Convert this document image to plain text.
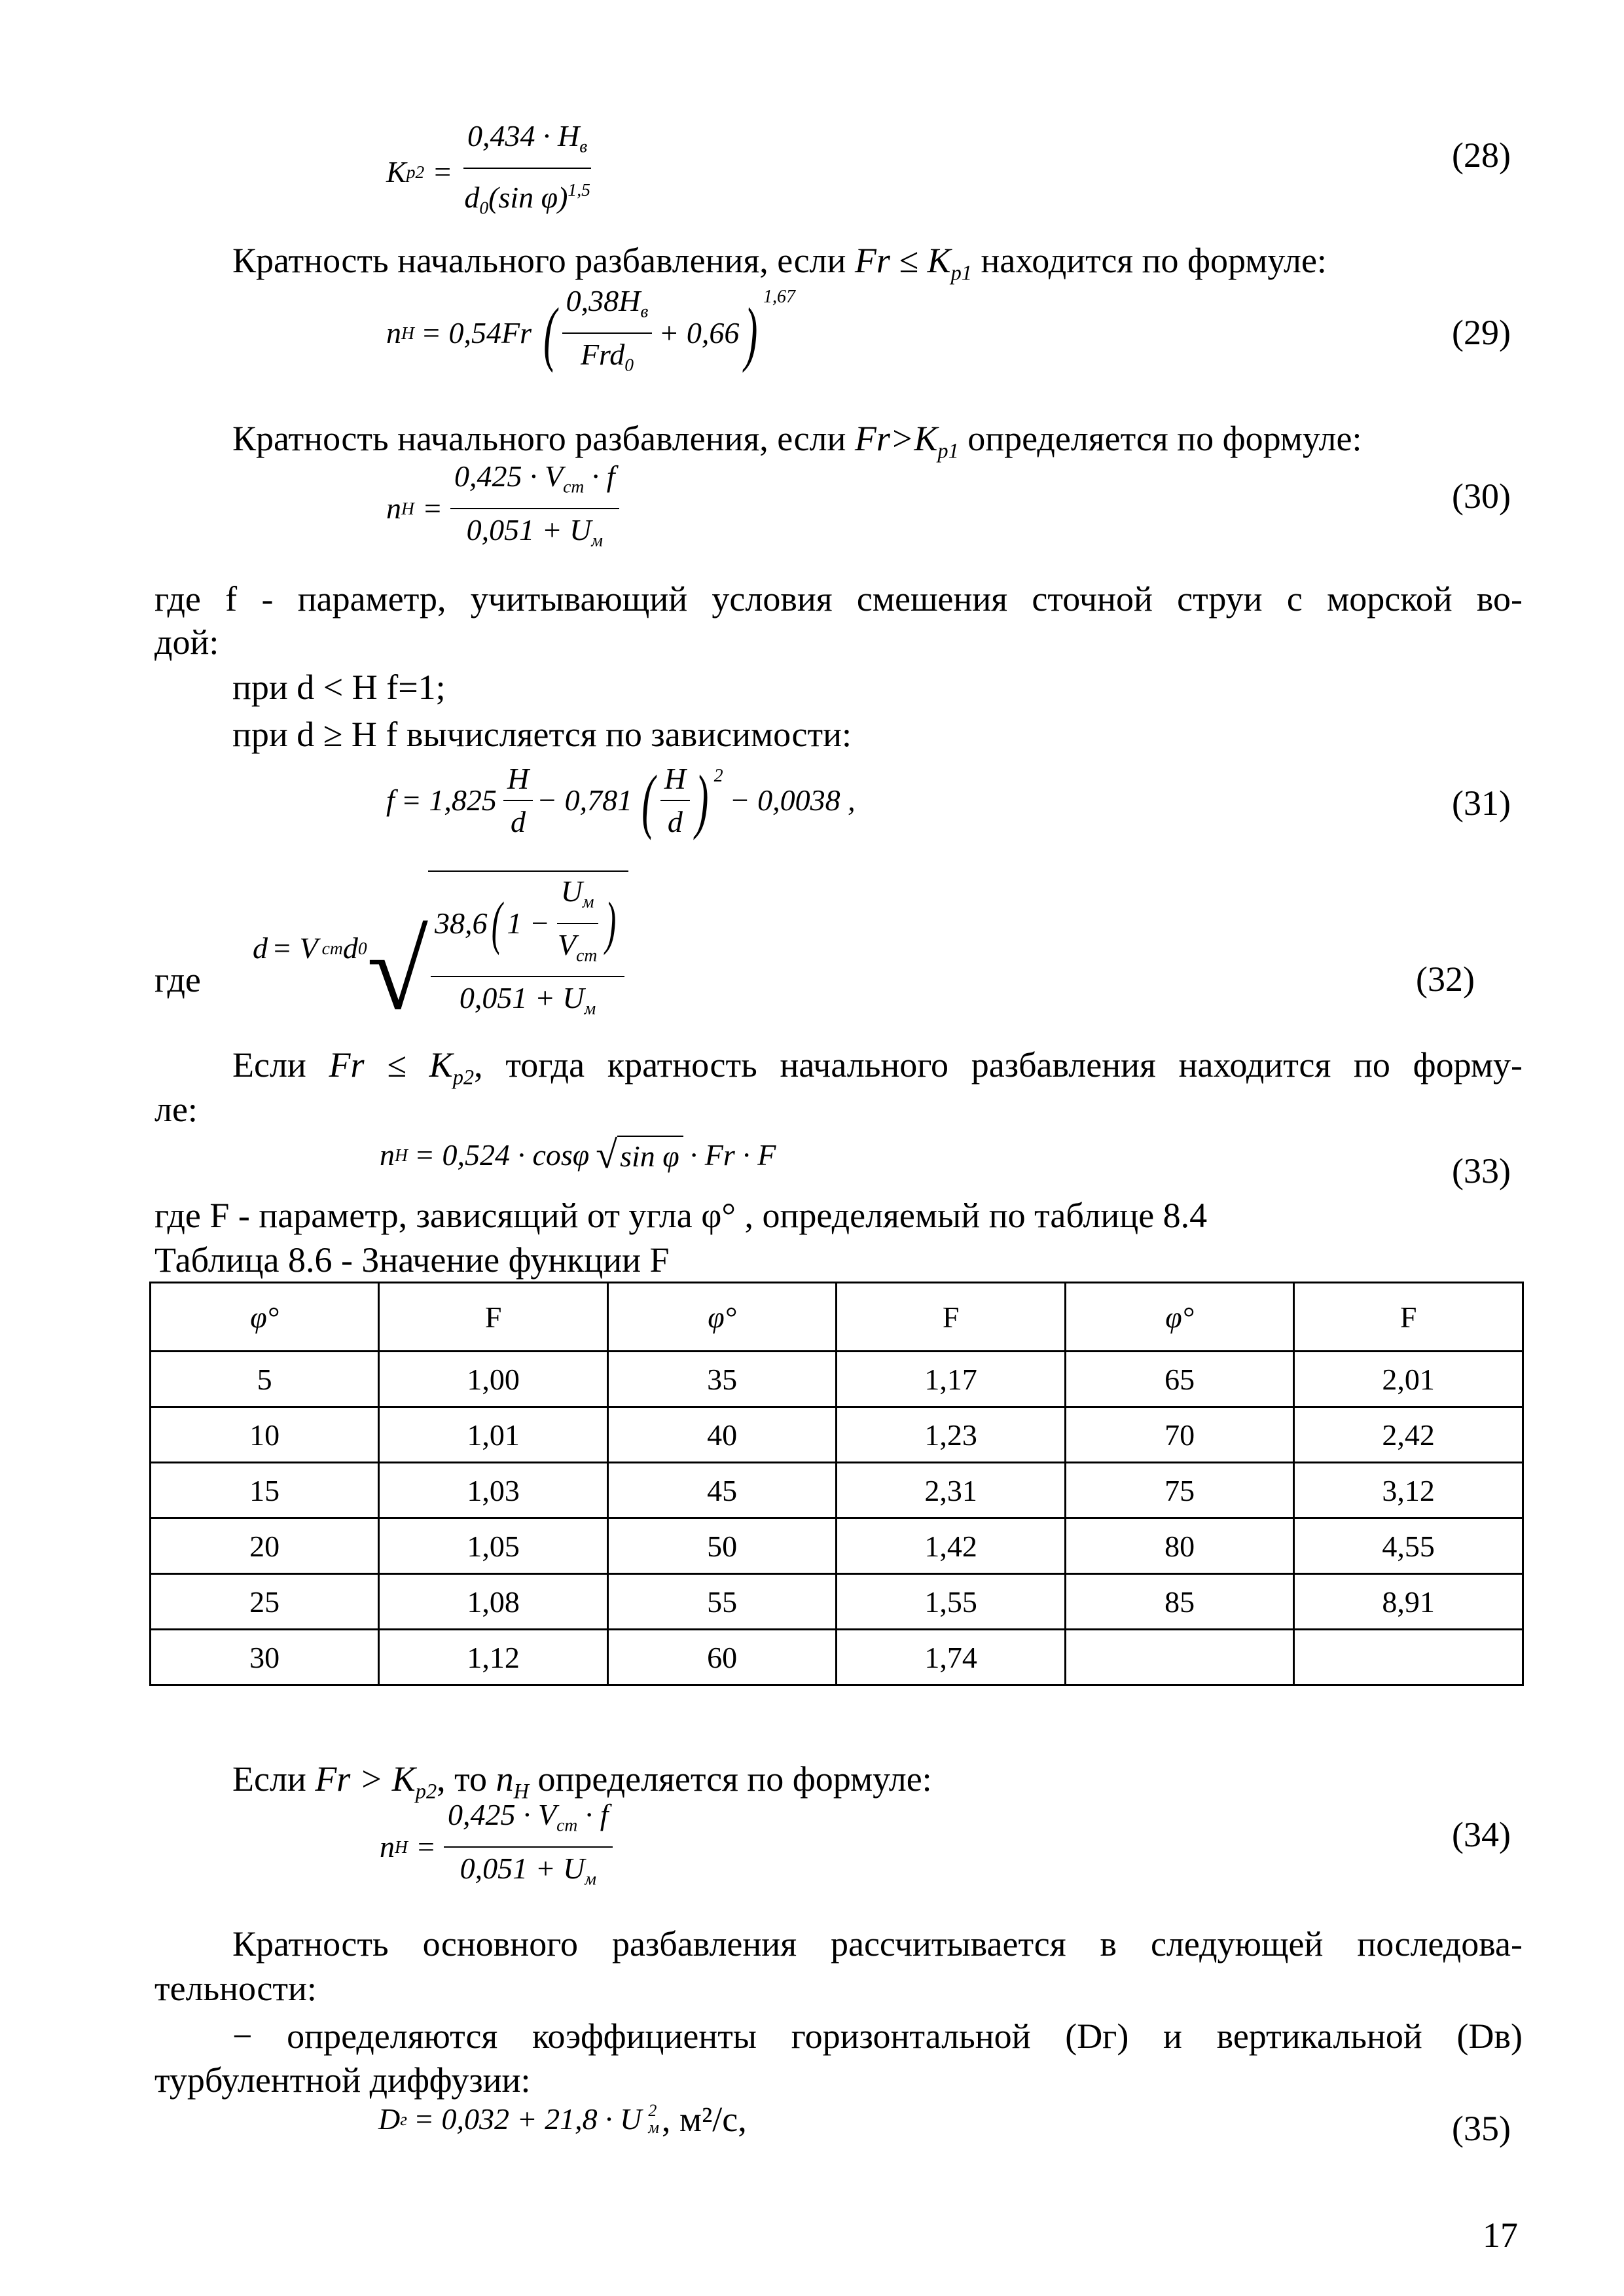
K $p2 = \frac{0,434 \cdot H_в}{d_0(\sin \varphi)^{1,5}}$	(28)
Кратность начального разбавления, если $Fr \le K_{p1}$ находится по формуле:
n H = 0,54Fr ( $\frac{0,38H_в}{Frd_0} + 0,66$ ) 1,67
(29)
Кратность начального разбавления, если $Fr>K_{p1}$ определяется по формуле:
n $H = \frac{0,425 \cdot V_{cm} \cdot f}{0,051 + U_м}$	(30)
где f - параметр, учитывающий условия смешения сточной струи с морской во-
дой:
при d < H f=1;
при d ≥ H f вычисляется по зависимости:
$f = 1,825 \frac{H}{d} - 0,781$ ( $\frac{H}{d}$ ) 2
− 0,0038 ,	(31)
где
d = V cm d 0 √ 38,6 ( $1 - \frac{U_м}{V_{cm}}$ )
$0,051 + U_м$
(32)
Если $Fr \le K_{p2}$, тогда кратность начального разбавления находится по форму-
ле:
n H = 0,524 · cosφ √ sin φ · Fr · F	(33)
где F - параметр, зависящий от угла φ° , определяемый по таблице 8.4
Таблица 8.6 - Значение функции F
φ°	F	φ°	F	φ°	F
5	1,00	35	1,17	65	2,01
10	1,01	40	1,23	70	2,42
15	1,03	45	2,31	75	3,12
20	1,05	50	1,42	80	4,55
25	1,08	55	1,55	85	8,91
30	1,12	60	1,74		
Если $Fr > K_{p2}$, то $n_H$ определяется по формуле:
n $H = \frac{0,425 \cdot V_{cm} \cdot f}{0,051 + U_м}$	(34)
Кратность основного разбавления рассчитывается в следующей последова-
тельности:
− определяются коэффициенты горизонтальной (Dг) и вертикальной (Dв)
турбулентной диффузии:
D г = 0,032 + 21,8 · U 2
м , м²/с,	(35)
17
